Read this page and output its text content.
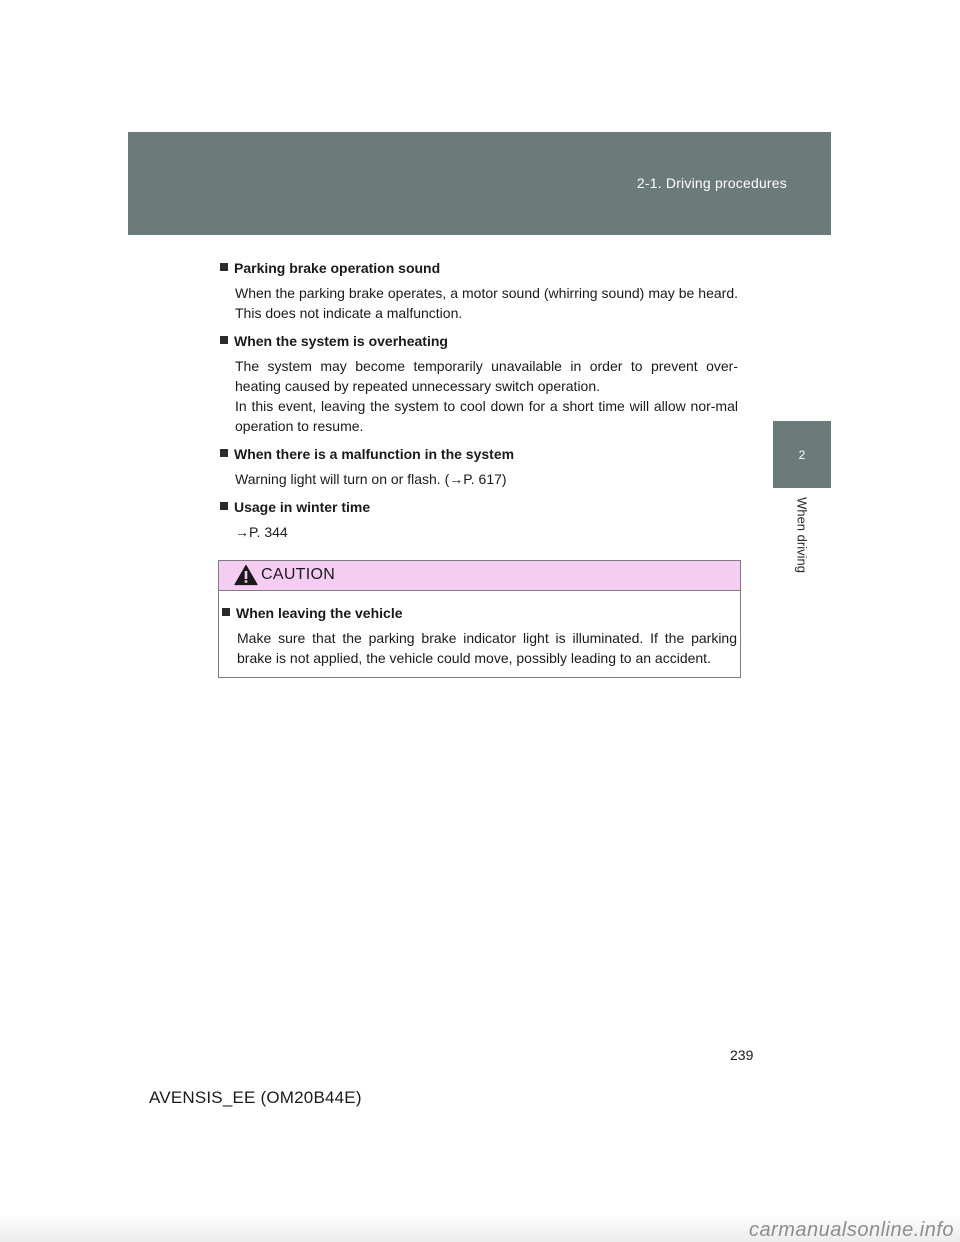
2-1. Driving procedures
2
When driving
Parking brake operation sound

When the parking brake operates, a motor sound (whirring sound) may be heard. This does not indicate a malfunction.

When the system is overheating

The system may become temporarily unavailable in order to prevent over-heating caused by repeated unnecessary switch operation.

In this event, leaving the system to cool down for a short time will allow nor-mal operation to resume.

When there is a malfunction in the system

Warning light will turn on or flash. (→P. 617)

Usage in winter time

→P. 344

CAUTION
When leaving the vehicle
Make sure that the parking brake indicator light is illuminated. If the parking brake is not applied, the vehicle could move, possibly leading to an accident.
239
AVENSIS_EE (OM20B44E)
carmanualsonline.info
